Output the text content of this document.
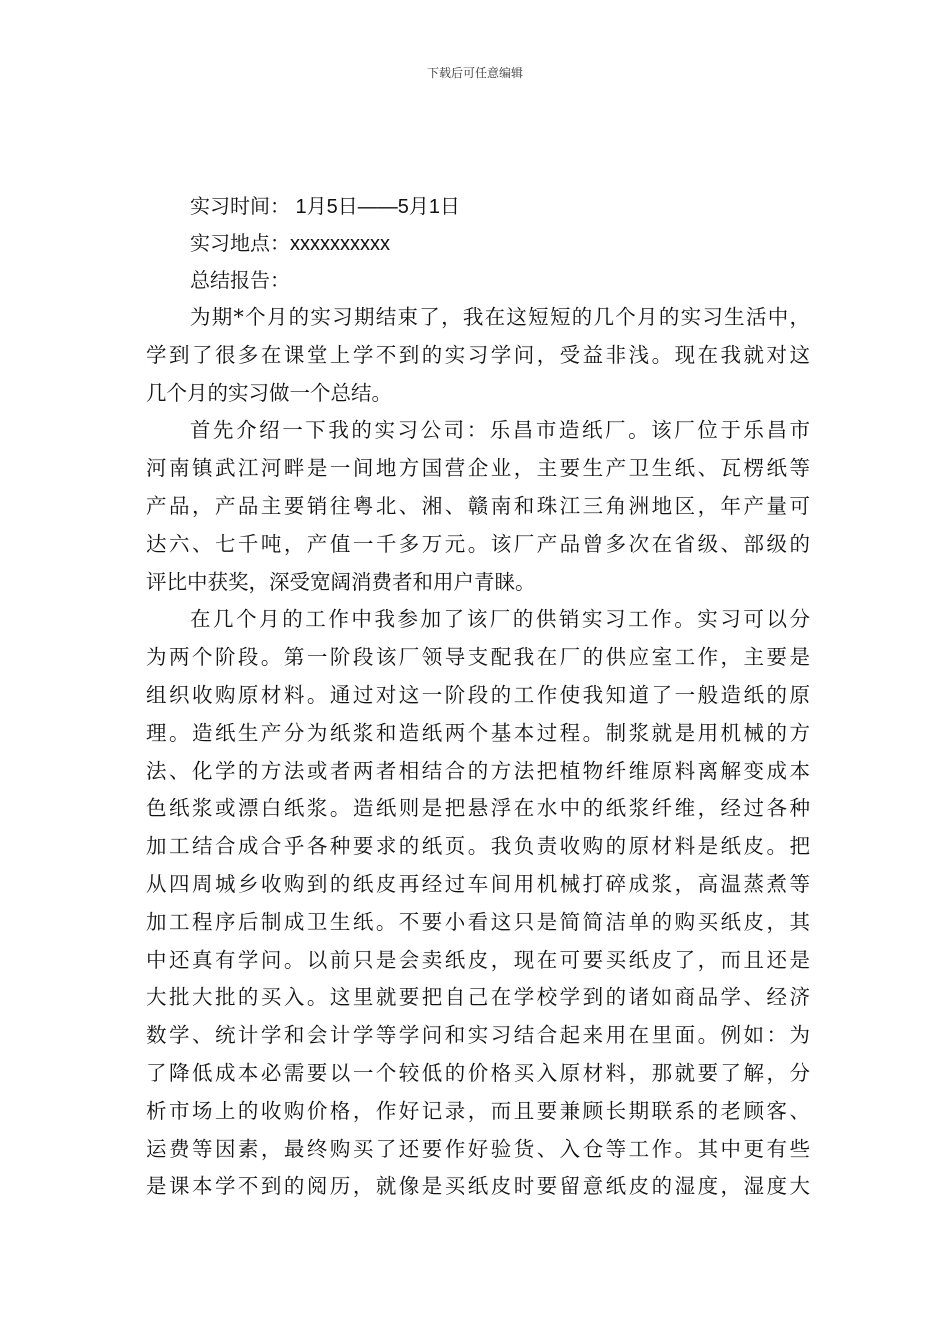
下载后可任意编辑
实习时间： 1月5日——5月1日
实习地点：xxxxxxxxxx
总结报告：
为期*个月的实习期结束了，我在这短短的几个月的实习生活中，
学到了很多在课堂上学不到的实习学问，受益非浅。现在我就对这
几个月的实习做一个总结。
首先介绍一下我的实习公司：乐昌市造纸厂。该厂位于乐昌市
河南镇武江河畔是一间地方国营企业，主要生产卫生纸、瓦楞纸等
产品，产品主要销往粤北、湘、赣南和珠江三角洲地区，年产量可
达六、七千吨，产值一千多万元。该厂产品曾多次在省级、部级的
评比中获奖，深受宽阔消费者和用户青睐。
在几个月的工作中我参加了该厂的供销实习工作。实习可以分
为两个阶段。第一阶段该厂领导支配我在厂的供应室工作，主要是
组织收购原材料。通过对这一阶段的工作使我知道了一般造纸的原
理。造纸生产分为纸浆和造纸两个基本过程。制浆就是用机械的方
法、化学的方法或者两者相结合的方法把植物纤维原料离解变成本
色纸浆或漂白纸浆。造纸则是把悬浮在水中的纸浆纤维，经过各种
加工结合成合乎各种要求的纸页。我负责收购的原材料是纸皮。把
从四周城乡收购到的纸皮再经过车间用机械打碎成浆，高温蒸煮等
加工程序后制成卫生纸。不要小看这只是简简洁单的购买纸皮，其
中还真有学问。以前只是会卖纸皮，现在可要买纸皮了，而且还是
大批大批的买入。这里就要把自己在学校学到的诸如商品学、经济
数学、统计学和会计学等学问和实习结合起来用在里面。例如：为
了降低成本必需要以一个较低的价格买入原材料，那就要了解，分
析市场上的收购价格，作好记录，而且要兼顾长期联系的老顾客、
运费等因素，最终购买了还要作好验货、入仓等工作。其中更有些
是课本学不到的阅历，就像是买纸皮时要留意纸皮的湿度，湿度大
